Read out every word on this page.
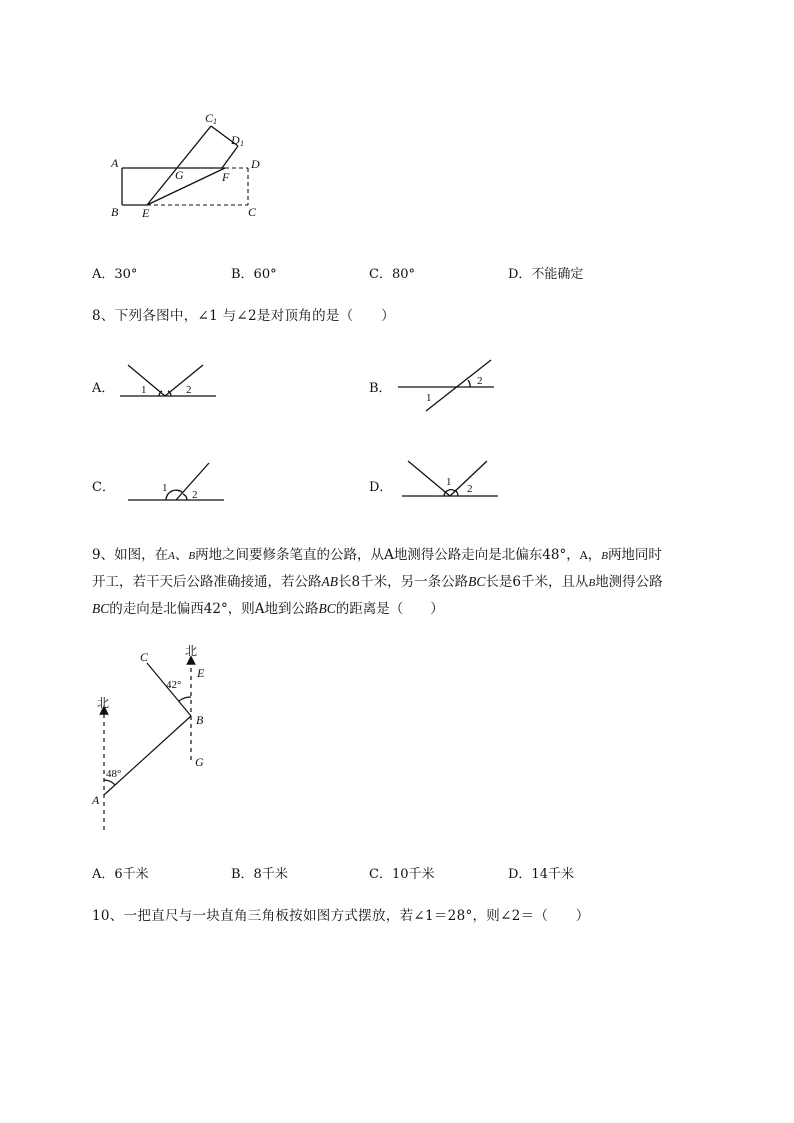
A
B	C
D
C 1
D 1
E
F
G
A．30°	B．60°	C．80°	D．不能确定
8、下列各图中，∠1 与∠2是对顶角的是（　　）
A． 1	2	B．	2
1
C．	1
2	D．	1
2
9、如图，在A、B两地之间要修条笔直的公路，从A地测得公路走向是北偏东48°，A，B两地同时
开工，若干天后公路准确接通，若公路AB长8千米，另一条公路BC长是6千米，且从B地测得公路
BC的走向是北偏西42°，则A地到公路BC的距离是（　　）
北
北
48°
42°
A
B
C
E
G
A．6千米	B．8千米	C．10千米	D．14千米
10、一把直尺与一块直角三角板按如图方式摆放，若∠1＝28°，则∠2＝（　　）
